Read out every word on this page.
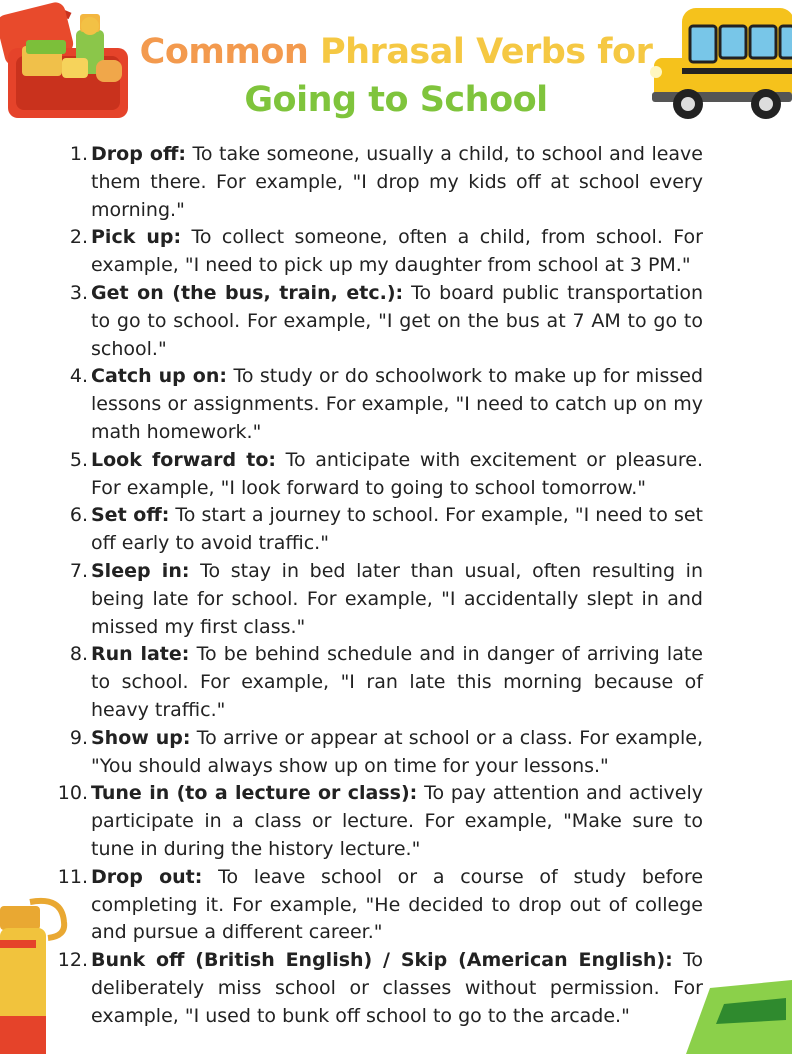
Common Phrasal Verbs for
Going to School
1. Drop off: To take someone, usually a child, to school and leave them there. For example, "I drop my kids off at school every morning."
2. Pick up: To collect someone, often a child, from school. For example, "I need to pick up my daughter from school at 3 PM."
3. Get on (the bus, train, etc.): To board public transportation to go to school. For example, "I get on the bus at 7 AM to go to school."
4. Catch up on: To study or do schoolwork to make up for missed lessons or assignments. For example, "I need to catch up on my math homework."
5. Look forward to: To anticipate with excitement or pleasure. For example, "I look forward to going to school tomorrow."
6. Set off: To start a journey to school. For example, "I need to set off early to avoid traffic."
7. Sleep in: To stay in bed later than usual, often resulting in being late for school. For example, "I accidentally slept in and missed my first class."
8. Run late: To be behind schedule and in danger of arriving late to school. For example, "I ran late this morning because of heavy traffic."
9. Show up: To arrive or appear at school or a class. For example, "You should always show up on time for your lessons."
10. Tune in (to a lecture or class): To pay attention and actively participate in a class or lecture. For example, "Make sure to tune in during the history lecture."
11. Drop out: To leave school or a course of study before completing it. For example, "He decided to drop out of college and pursue a different career."
12. Bunk off (British English) / Skip (American English): To deliberately miss school or classes without permission. For example, "I used to bunk off school to go to the arcade."
